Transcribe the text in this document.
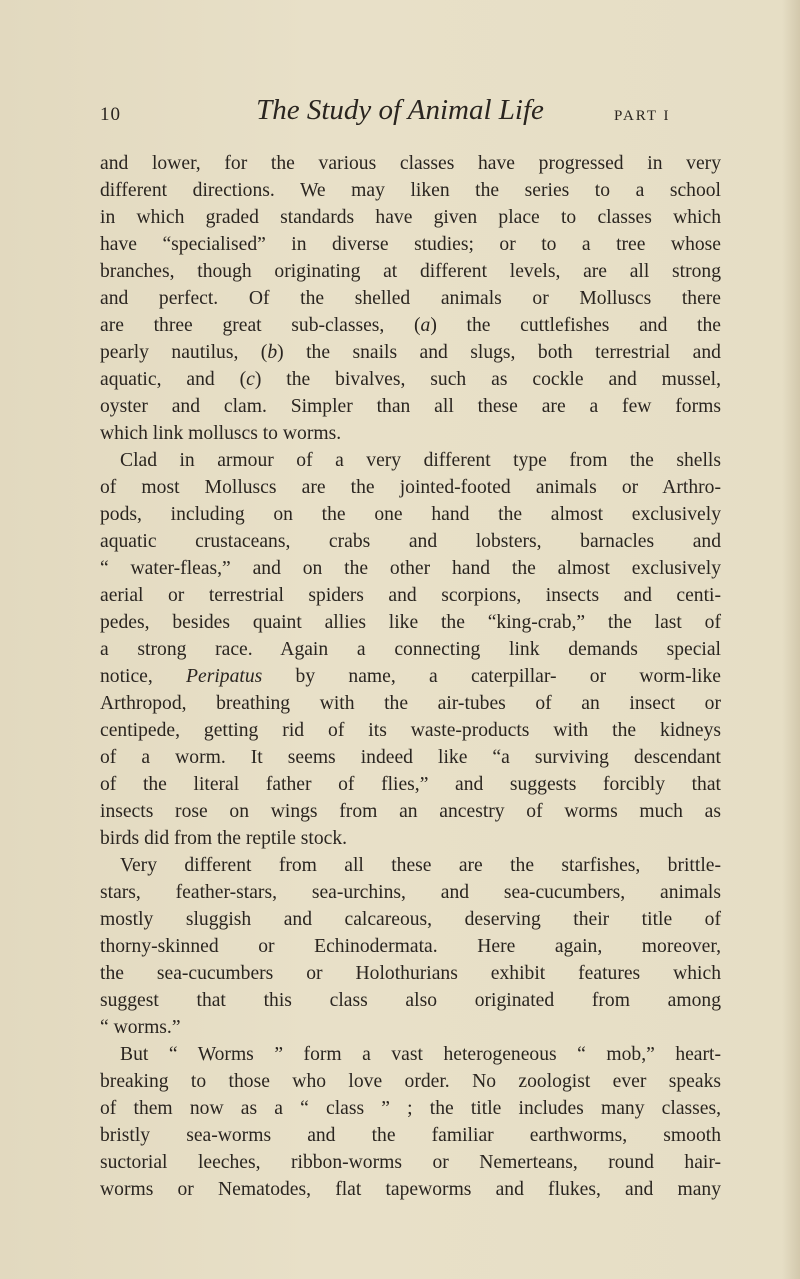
10	The Study of Animal Life	PART I
and lower, for the various classes have progressed in very
different directions. We may liken the series to a school
in which graded standards have given place to classes which
have “specialised” in diverse studies; or to a tree whose
branches, though originating at different levels, are all strong
and perfect. Of the shelled animals or Molluscs there
are three great sub-classes, (a) the cuttlefishes and the
pearly nautilus, (b) the snails and slugs, both terrestrial and
aquatic, and (c) the bivalves, such as cockle and mussel,
oyster and clam. Simpler than all these are a few forms
which link molluscs to worms.
Clad in armour of a very different type from the shells
of most Molluscs are the jointed-footed animals or Arthro-
pods, including on the one hand the almost exclusively
aquatic crustaceans, crabs and lobsters, barnacles and
“ water-fleas,” and on the other hand the almost exclusively
aerial or terrestrial spiders and scorpions, insects and centi-
pedes, besides quaint allies like the “king-crab,” the last of
a strong race. Again a connecting link demands special
notice, Peripatus by name, a caterpillar- or worm-like
Arthropod, breathing with the air-tubes of an insect or
centipede, getting rid of its waste-products with the kidneys
of a worm. It seems indeed like “a surviving descendant
of the literal father of flies,” and suggests forcibly that
insects rose on wings from an ancestry of worms much as
birds did from the reptile stock.
Very different from all these are the starfishes, brittle-
stars, feather-stars, sea-urchins, and sea-cucumbers, animals
mostly sluggish and calcareous, deserving their title of
thorny-skinned or Echinodermata. Here again, moreover,
the sea-cucumbers or Holothurians exhibit features which
suggest that this class also originated from among
“ worms.”
But “ Worms ” form a vast heterogeneous “ mob,” heart-
breaking to those who love order. No zoologist ever speaks
of them now as a “ class ” ; the title includes many classes,
bristly sea-worms and the familiar earthworms, smooth
suctorial leeches, ribbon-worms or Nemerteans, round hair-
worms or Nematodes, flat tapeworms and flukes, and many
